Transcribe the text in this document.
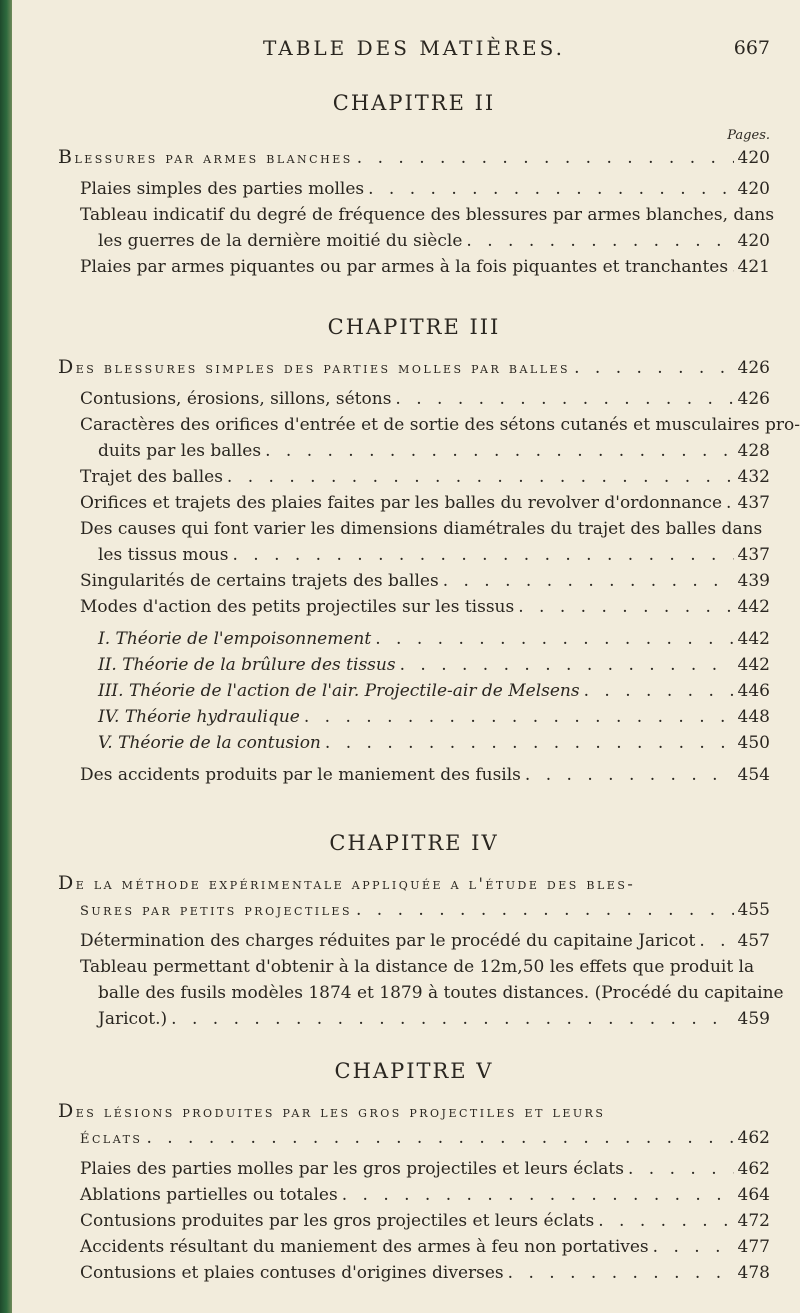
TABLE DES MATIÈRES.	667
CHAPITRE II
Pages.
Blessures par armes blanches . . .	420
Plaies simples des parties molles . . .	420
Tableau indicatif du degré de fréquence des blessures par armes blanches, dans
les guerres de la dernière moitié du siècle . . .	420
Plaies par armes piquantes ou par armes à la fois piquantes et tranchantes . . . 421
CHAPITRE III
Des blessures simples des parties molles par balles . . .	426
Contusions, érosions, sillons, sétons . . .	426
Caractères des orifices d'entrée et de sortie des sétons cutanés et musculaires pro-
duits par les balles . . .	428
Trajet des balles . . .	432
Orifices et trajets des plaies faites par les balles du revolver d'ordonnance . . . 437
Des causes qui font varier les dimensions diamétrales du trajet des balles dans
les tissus mous . . .	437
Singularités de certains trajets des balles . . .	439
Modes d'action des petits projectiles sur les tissus . . .	442
I. Théorie de l'empoisonnement . . .	442
II. Théorie de la brûlure des tissus . . .	442
III. Théorie de l'action de l'air. Projectile-air de Melsens . . .	446
IV. Théorie hydraulique . . .	448
V. Théorie de la contusion . . .	450
Des accidents produits par le maniement des fusils . . .	454
CHAPITRE IV
De la méthode expérimentale appliquée a l'étude des bles-
sures par petits projectiles . . .	455
Détermination des charges réduites par le procédé du capitaine Jaricot . . . 457
Tableau permettant d'obtenir à la distance de 12m,50 les effets que produit la
balle des fusils modèles 1874 et 1879 à toutes distances. (Procédé du capitaine
Jaricot.) . . .	459
CHAPITRE V
Des lésions produites par les gros projectiles et leurs
éclats . . .	462
Plaies des parties molles par les gros projectiles et leurs éclats . . .	462
Ablations partielles ou totales . . .	464
Contusions produites par les gros projectiles et leurs éclats . . .	472
Accidents résultant du maniement des armes à feu non portatives . . .	477
Contusions et plaies contuses d'origines diverses . . .	478
